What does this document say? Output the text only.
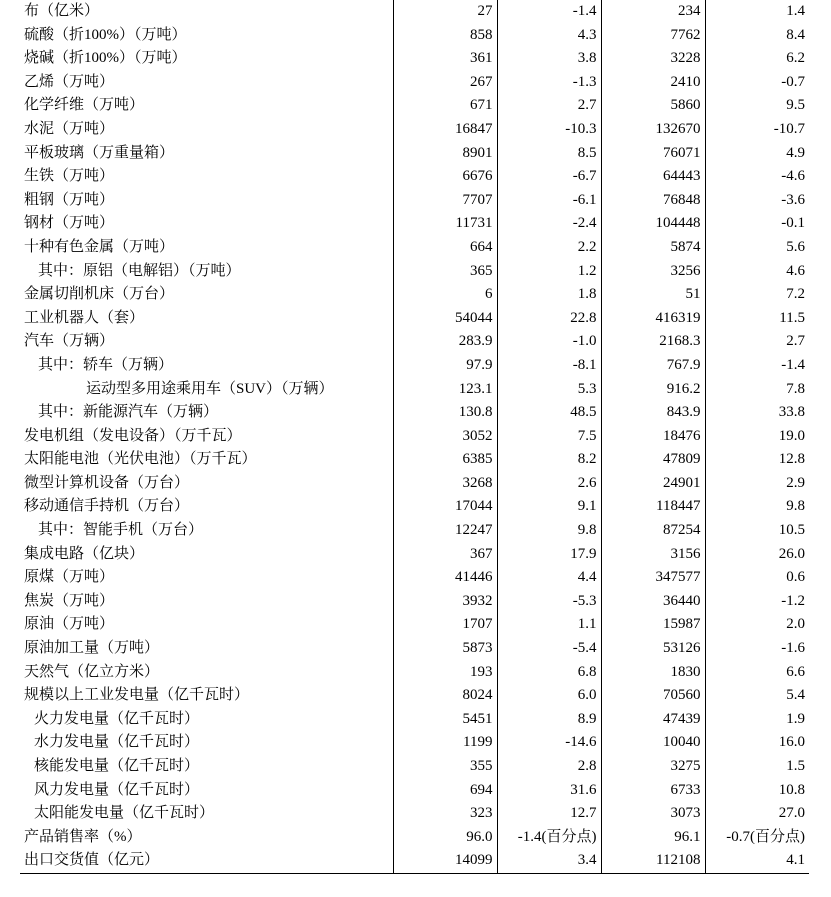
布（亿米）	27	-1.4	234	1.4
硫酸（折100%）（万吨）	858	4.3	7762	8.4
烧碱（折100%）（万吨）	361	3.8	3228	6.2
乙烯（万吨）	267	-1.3	2410	-0.7
化学纤维（万吨）	671	2.7	5860	9.5
水泥（万吨）	16847	-10.3	132670	-10.7
平板玻璃（万重量箱）	8901	8.5	76071	4.9
生铁（万吨）	6676	-6.7	64443	-4.6
粗钢（万吨）	7707	-6.1	76848	-3.6
钢材（万吨）	11731	-2.4	104448	-0.1
十种有色金属（万吨）	664	2.2	5874	5.6
其中：原铝（电解铝）（万吨）	365	1.2	3256	4.6
金属切削机床（万台）	6	1.8	51	7.2
工业机器人（套）	54044	22.8	416319	11.5
汽车（万辆）	283.9	-1.0	2168.3	2.7
其中：轿车（万辆）	97.9	-8.1	767.9	-1.4
运动型多用途乘用车（SUV）（万辆）	123.1	5.3	916.2	7.8
其中：新能源汽车（万辆）	130.8	48.5	843.9	33.8
发电机组（发电设备）（万千瓦）	3052	7.5	18476	19.0
太阳能电池（光伏电池）（万千瓦）	6385	8.2	47809	12.8
微型计算机设备（万台）	3268	2.6	24901	2.9
移动通信手持机（万台）	17044	9.1	118447	9.8
其中：智能手机（万台）	12247	9.8	87254	10.5
集成电路（亿块）	367	17.9	3156	26.0
原煤（万吨）	41446	4.4	347577	0.6
焦炭（万吨）	3932	-5.3	36440	-1.2
原油（万吨）	1707	1.1	15987	2.0
原油加工量（万吨）	5873	-5.4	53126	-1.6
天然气（亿立方米）	193	6.8	1830	6.6
规模以上工业发电量（亿千瓦时）	8024	6.0	70560	5.4
火力发电量（亿千瓦时）	5451	8.9	47439	1.9
水力发电量（亿千瓦时）	1199	-14.6	10040	16.0
核能发电量（亿千瓦时）	355	2.8	3275	1.5
风力发电量（亿千瓦时）	694	31.6	6733	10.8
太阳能发电量（亿千瓦时）	323	12.7	3073	27.0
产品销售率（%）	96.0	-1.4(百分点)	96.1	-0.7(百分点)
出口交货值（亿元）	14099	3.4	112108	4.1
